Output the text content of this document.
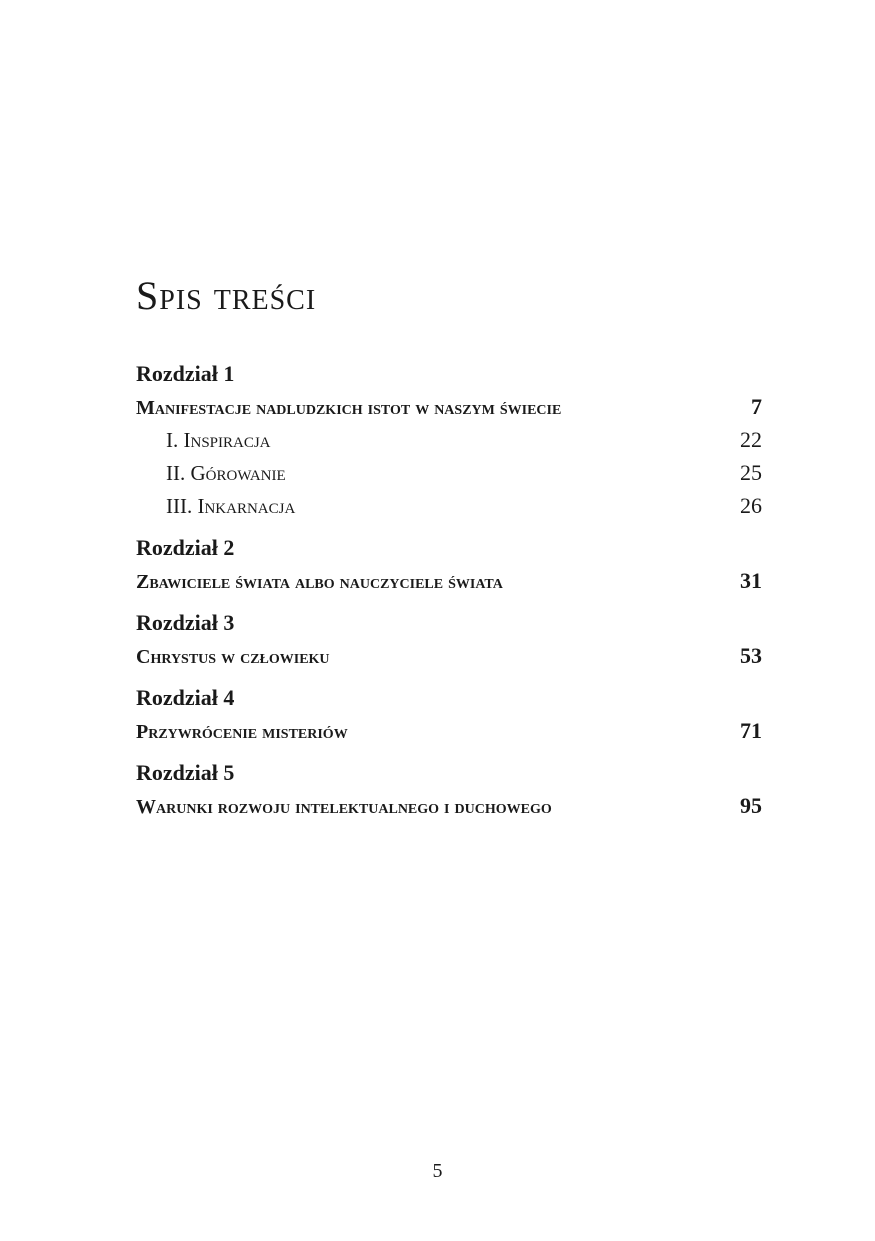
Spis treści
Rozdział 1
Manifestacje nadludzkich istot w naszym świecie	7
I. Inspiracja	22
II. Górowanie	25
III. Inkarnacja	26
Rozdział 2
Zbawiciele świata albo nauczyciele świata	31
Rozdział 3
Chrystus w człowieku	53
Rozdział 4
Przywrócenie misteriów	71
Rozdział 5
Warunki rozwoju intelektualnego i duchowego	95
5
